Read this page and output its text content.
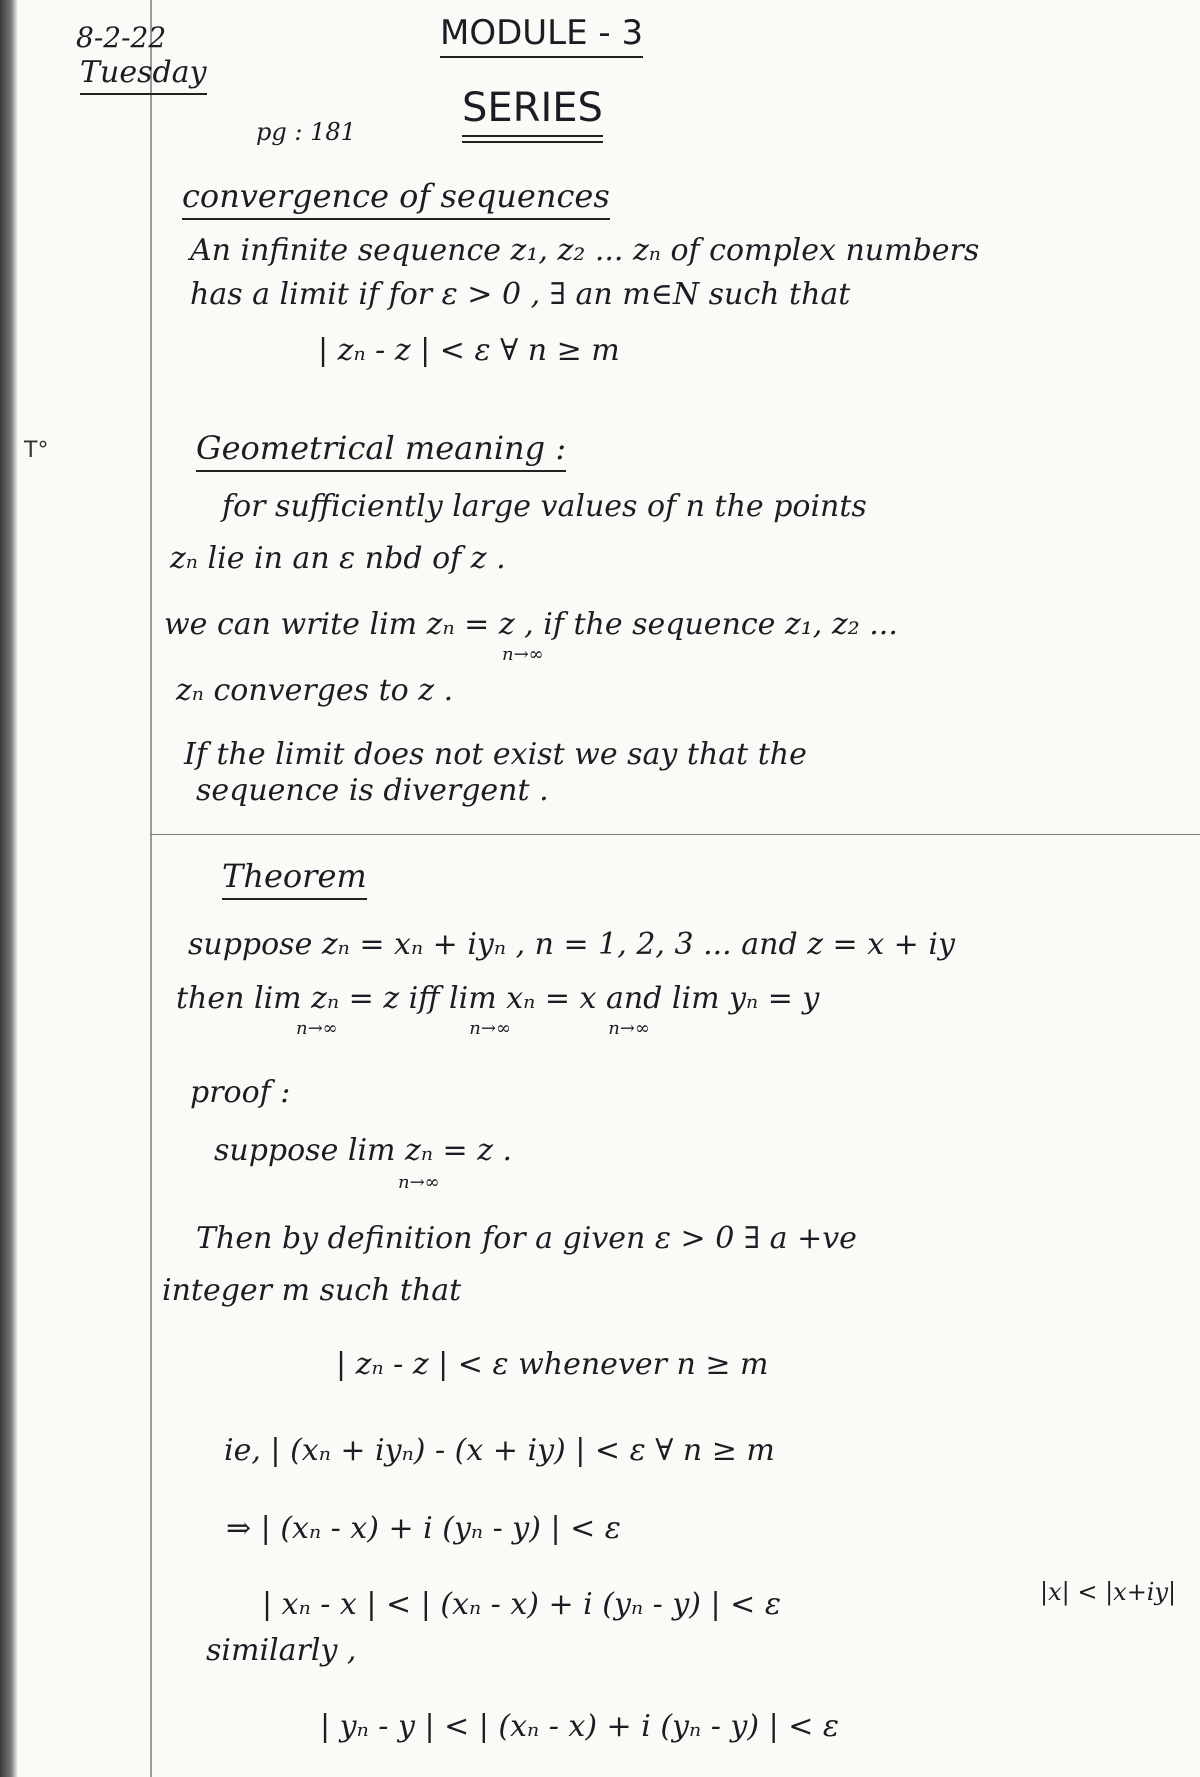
T°
8-2-22
Tuesday
MODULE - 3
pg : 181
SERIES
convergence of sequences
An infinite sequence z₁, z₂ ... zₙ of complex numbers
has a limit if for ε > 0 , ∃ an m∈N such that
| zₙ - z | < ε ∀ n ≥ m
Geometrical meaning :
for sufficiently large values of n the points
zₙ lie in an ε nbd of z .
we can write lim zₙ = z , if the sequence z₁, z₂ ...
n→∞
zₙ converges to z .
If the limit does not exist we say that the
sequence is divergent .
Theorem
suppose zₙ = xₙ + iyₙ , n = 1, 2, 3 ... and z = x + iy
then lim zₙ = z iff lim xₙ = x and lim yₙ = y
n→∞                       n→∞                 n→∞
proof :
suppose lim zₙ = z .
n→∞
Then by definition for a given ε > 0 ∃ a +ve
integer m such that
| zₙ - z | < ε whenever n ≥ m
ie, | (xₙ + iyₙ) - (x + iy) | < ε ∀ n ≥ m
⇒ | (xₙ - x) + i (yₙ - y) | < ε
| xₙ - x | < | (xₙ - x) + i (yₙ - y) | < ε	|x| < |x+iy|
similarly ,
| yₙ - y | < | (xₙ - x) + i (yₙ - y) | < ε
